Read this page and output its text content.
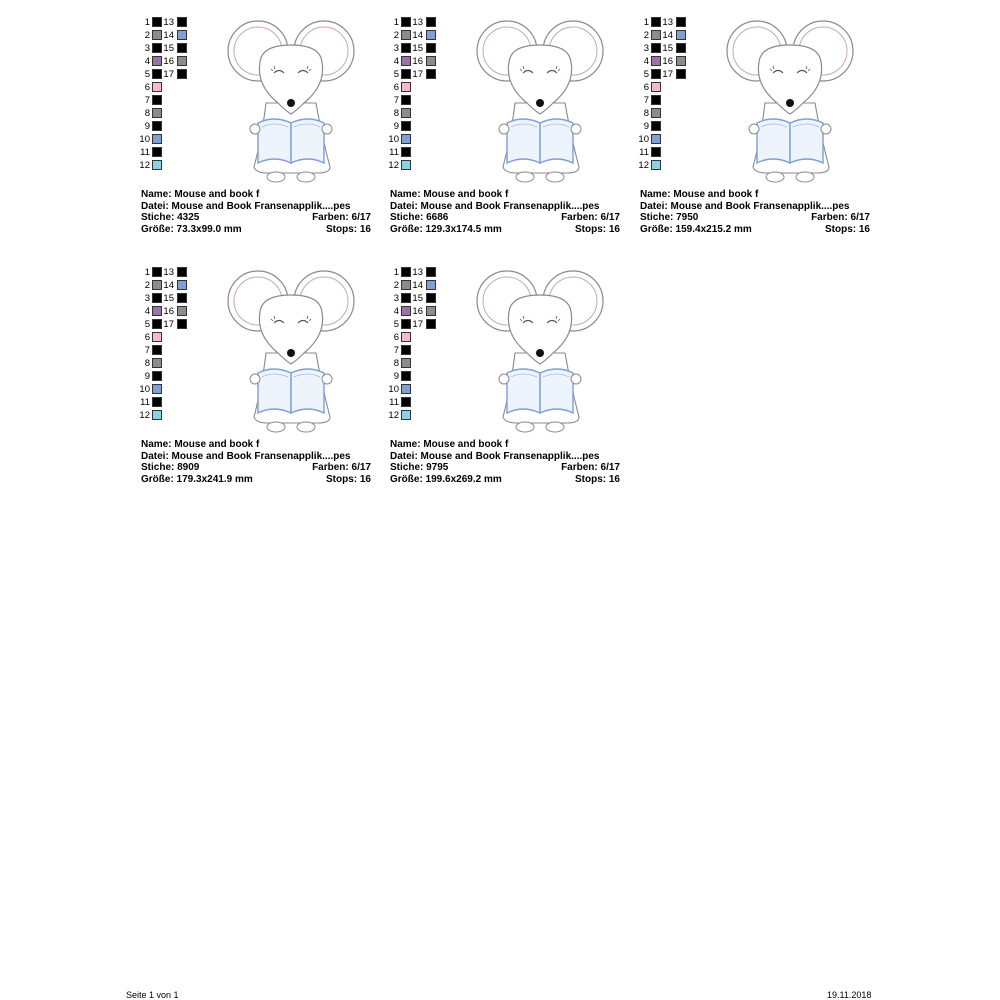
1 13
2 14
3 15
4 16
5 17
6
7
8
9
10
11
12
Name: Mouse and book f
Datei: Mouse and Book Fransenapplik....pes
Stiche: 4325	Farben: 6/17
Größe: 73.3x99.0 mm	Stops: 16
1 13
2 14
3 15
4 16
5 17
6
7
8
9
10
11
12
Name: Mouse and book f
Datei: Mouse and Book Fransenapplik....pes
Stiche: 6686	Farben: 6/17
Größe: 129.3x174.5 mm	Stops: 16
1 13
2 14
3 15
4 16
5 17
6
7
8
9
10
11
12
Name: Mouse and book f
Datei: Mouse and Book Fransenapplik....pes
Stiche: 7950	Farben: 6/17
Größe: 159.4x215.2 mm	Stops: 16
1 13
2 14
3 15
4 16
5 17
6
7
8
9
10
11
12
Name: Mouse and book f
Datei: Mouse and Book Fransenapplik....pes
Stiche: 8909	Farben: 6/17
Größe: 179.3x241.9 mm	Stops: 16
1 13
2 14
3 15
4 16
5 17
6
7
8
9
10
11
12
Name: Mouse and book f
Datei: Mouse and Book Fransenapplik....pes
Stiche: 9795	Farben: 6/17
Größe: 199.6x269.2 mm	Stops: 16
Seite 1 von 1	19.11.2018
